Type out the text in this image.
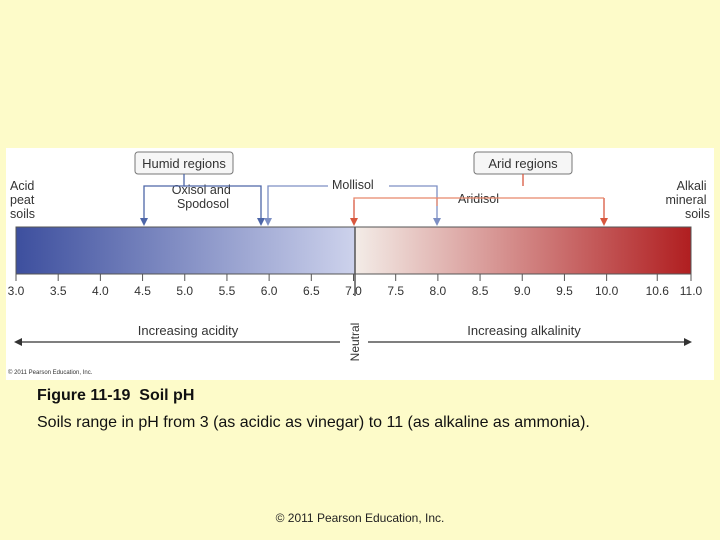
3.0 3.5 4.0 4.5 5.0 5.5 6.0 6.5 7.0 7.5 8.0 8.5 9.0 9.5 10.0 10.6 11.0
Humid regions	Arid regions
Acid peat soils
Oxisol and Spodosol
Mollisol
Aridisol
Alkali mineral soils
Increasing acidity	Increasing alkalinity
Neutral
© 2011 Pearson Education, Inc.
Figure 11-19  Soil pH
Soils range in pH from 3 (as acidic as vinegar) to 11 (as alkaline as ammonia).
© 2011 Pearson Education, Inc.
